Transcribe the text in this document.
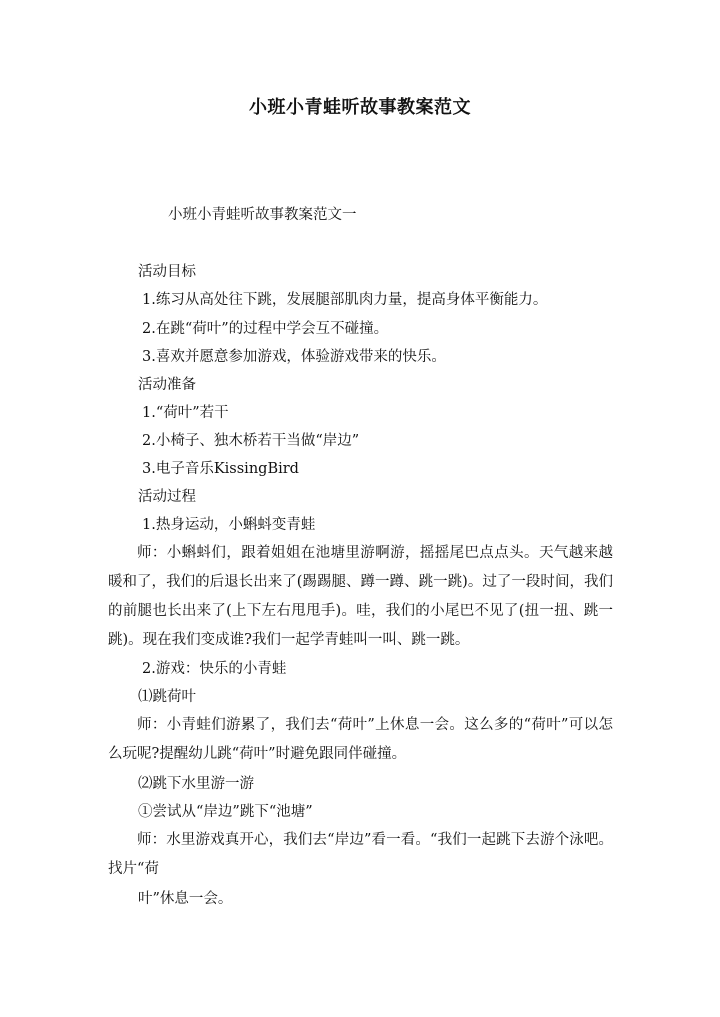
小班小青蛙听故事教案范文
小班小青蛙听故事教案范文一
活动目标
1.练习从高处往下跳，发展腿部肌肉力量，提高身体平衡能力。
2.在跳“荷叶”的过程中学会互不碰撞。
3.喜欢并愿意参加游戏，体验游戏带来的快乐。
活动准备
1.“荷叶”若干
2.小椅子、独木桥若干当做“岸边”
3.电子音乐KissingBird
活动过程
1.热身运动，小蝌蚪变青蛙
师：小蝌蚪们，跟着姐姐在池塘里游啊游，摇摇尾巴点点头。天气越来越暖和了，我们的后退长出来了(踢踢腿、蹲一蹲、跳一跳)。过了一段时间，我们的前腿也长出来了(上下左右甩甩手)。哇，我们的小尾巴不见了(扭一扭、跳一跳)。现在我们变成谁?我们一起学青蛙叫一叫、跳一跳。
2.游戏：快乐的小青蛙
⑴跳荷叶
师：小青蛙们游累了，我们去“荷叶”上休息一会。这么多的“荷叶”可以怎么玩呢?提醒幼儿跳“荷叶”时避免跟同伴碰撞。
⑵跳下水里游一游
①尝试从“岸边”跳下“池塘”
师：水里游戏真开心，我们去“岸边”看一看。“我们一起跳下去游个泳吧。找片“荷
叶”休息一会。
